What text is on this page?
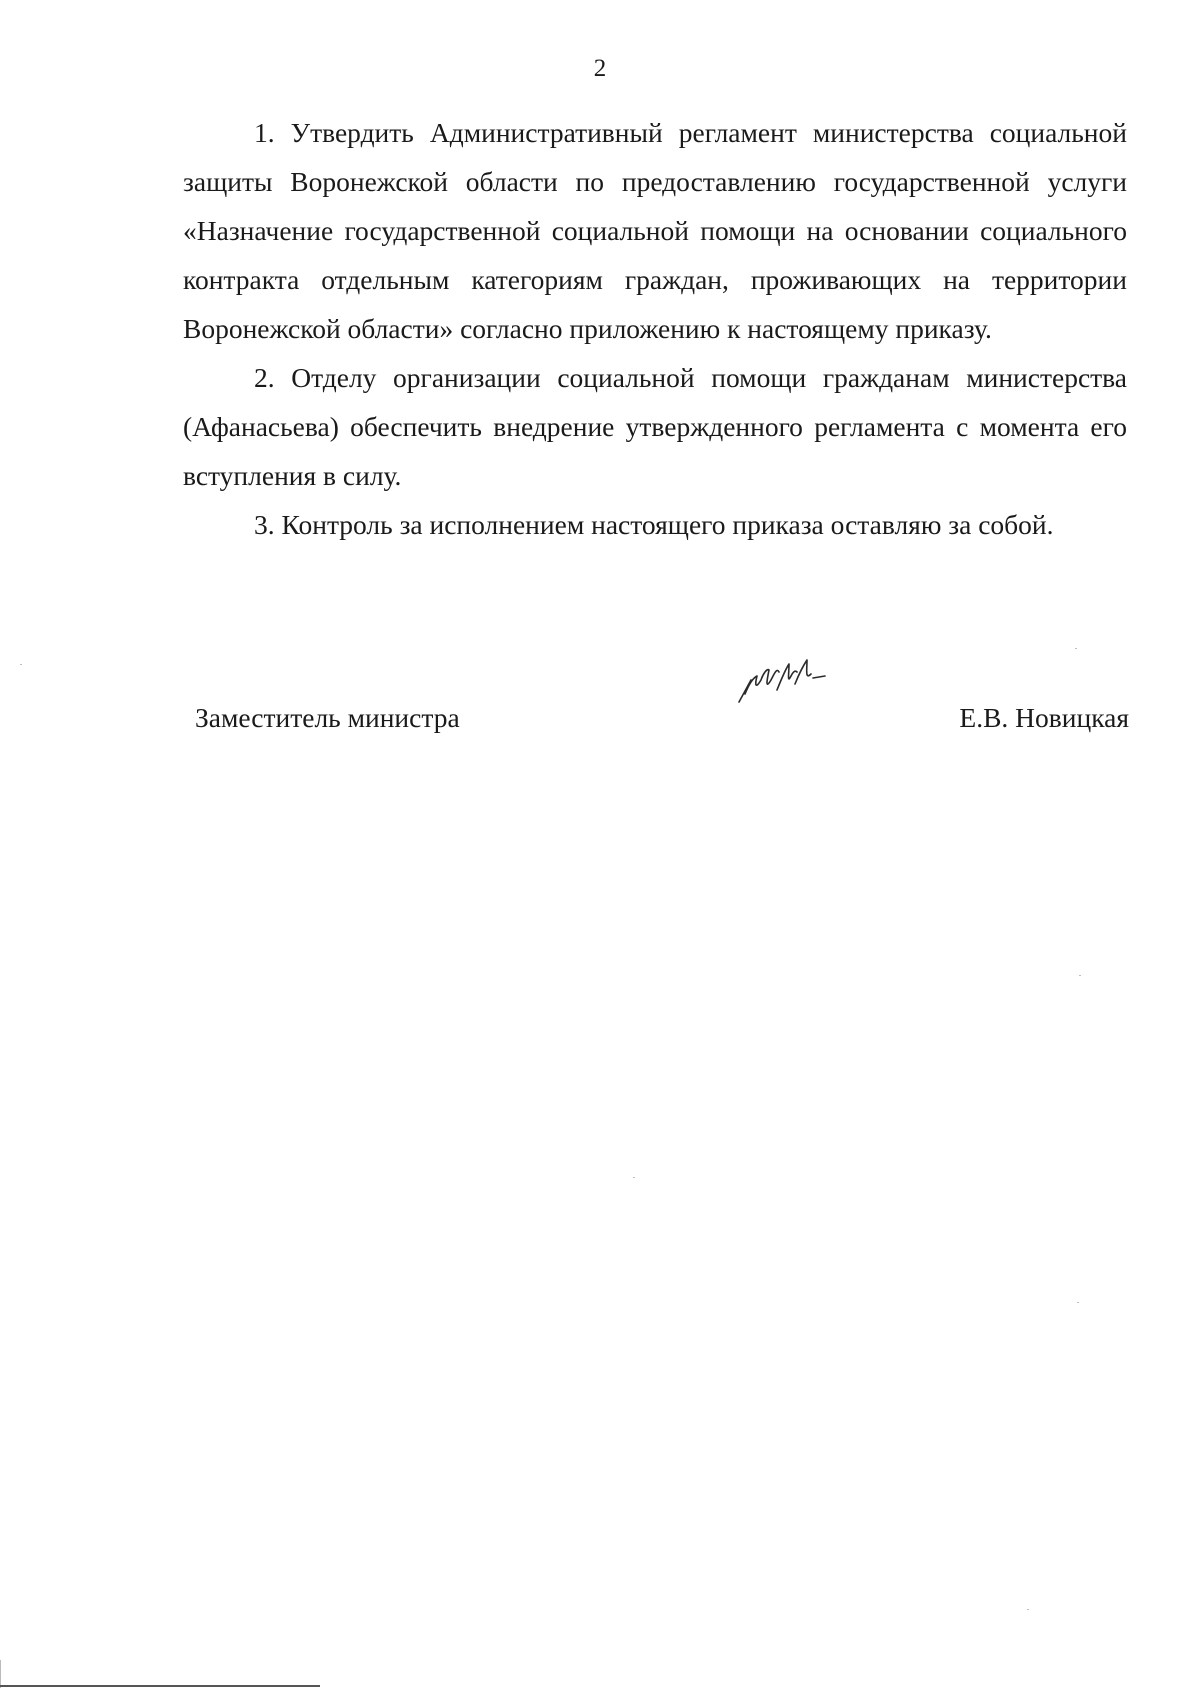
2

1. Утвердить Административный регламент министерства социальной защиты Воронежской области по предоставлению государственной услуги «Назначение государственной социальной помощи на основании социального контракта отдельным категориям граждан, проживающих на территории Воронежской области» согласно приложению к настоящему приказу.

2. Отделу организации социальной помощи гражданам министерства (Афанасьева) обеспечить внедрение утвержденного регламента с момента его вступления в силу.

3. Контроль за исполнением настоящего приказа оставляю за собой.

Заместитель министра	Е.В. Новицкая
